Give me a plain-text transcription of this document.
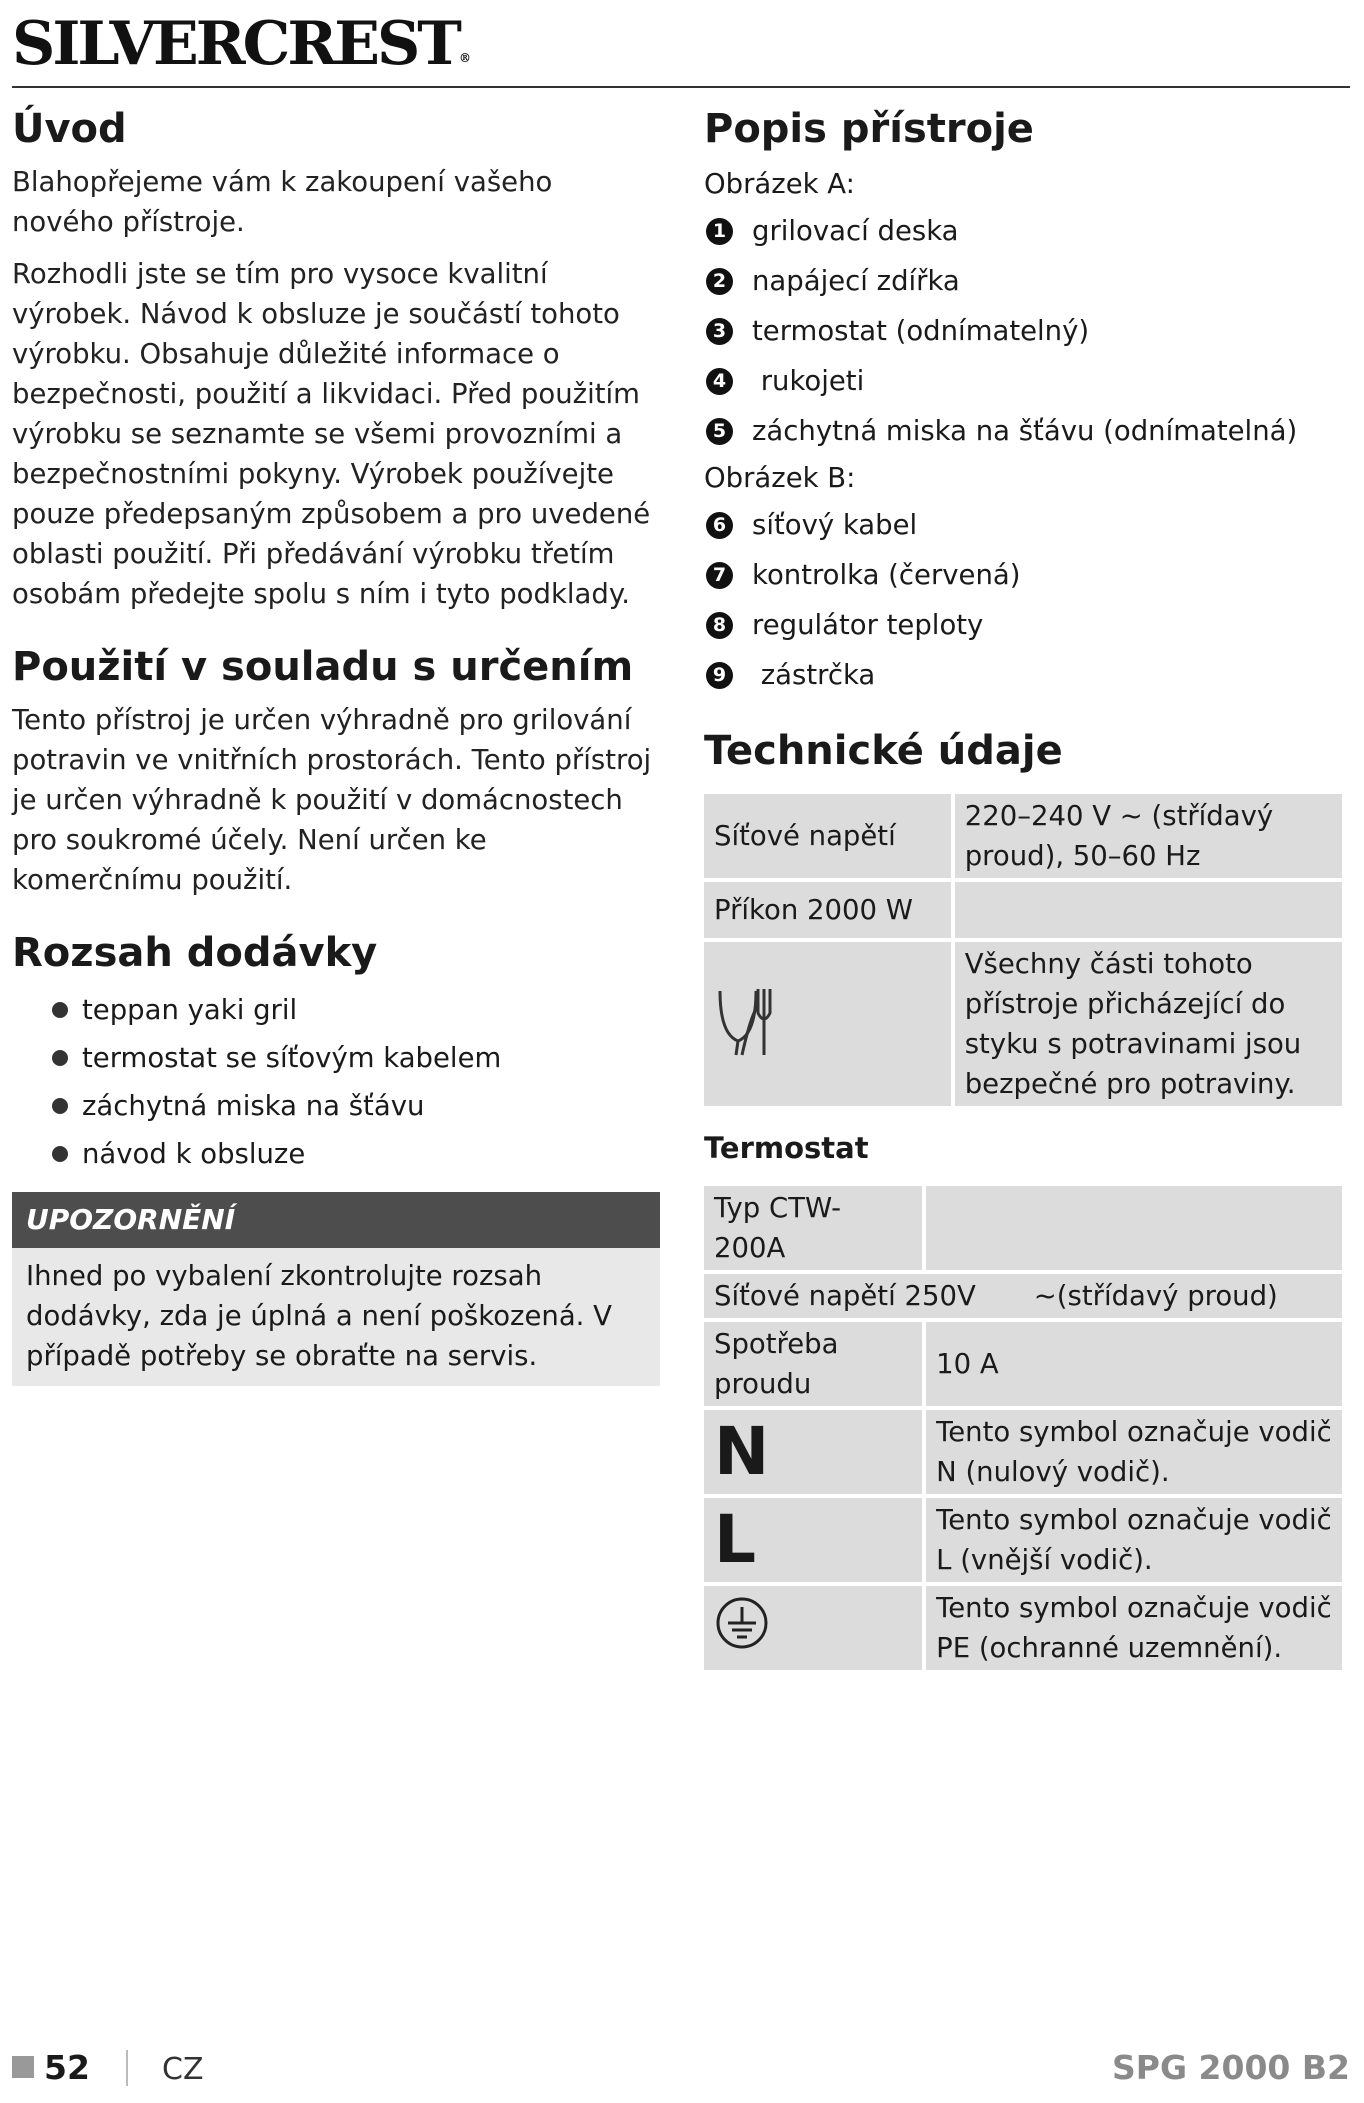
SILVERCREST®
Úvod

Blahopřejeme vám k zakoupení vašeho nového přístroje.

Rozhodli jste se tím pro vysoce kvalitní výrobek. Návod k obsluze je součástí tohoto výrobku. Obsahuje důležité informace o bezpečnosti, použití a likvidaci. Před použitím výrobku se seznamte se všemi provozními a bezpečnostními pokyny. Výrobek používejte pouze předepsaným způsobem a pro uvedené oblasti použití. Při předávání výrobku třetím osobám předejte spolu s ním i tyto podklady.

Použití v souladu s určením

Tento přístroj je určen výhradně pro grilování potravin ve vnitřních prostorách. Tento přístroj je určen výhradně k použití v domácnostech pro soukromé účely. Není určen ke komerčnímu použití.

Rozsah dodávky
teppan yaki gril
termostat se síťovým kabelem
záchytná miska na šťávu
návod k obsluze
UPOZORNĚNÍ
Ihned po vybalení zkontrolujte rozsah dodávky, zda je úplná a není poškozená. V případě potřeby se obraťte na servis.
Popis přístroje
Obrázek A:
1 grilovací deska
2 napájecí zdířka
3 termostat (odnímatelný)
4 rukojeti
5 záchytná miska na šťávu (odnímatelná)
Obrázek B:
6 síťový kabel
7 kontrolka (červená)
8 regulátor teploty
9 zástrčka
Technické údaje
Síťové napětí	220–240 V ~ (střídavý proud), 50–60 Hz
Příkon 2000 W	
	Všechny části tohoto přístroje přicházející do styku s potravinami jsou bezpečné pro potraviny.
Termostat
Typ CTW-200A	
Síťové napětí 250V ~(střídavý proud)	
Spotřeba proudu	10 A
N	Tento symbol označuje vodič N (nulový vodič).
L	Tento symbol označuje vodič L (vnější vodič).
	Tento symbol označuje vodič PE (ochranné uzemnění).
52 CZ	SPG 2000 B2
